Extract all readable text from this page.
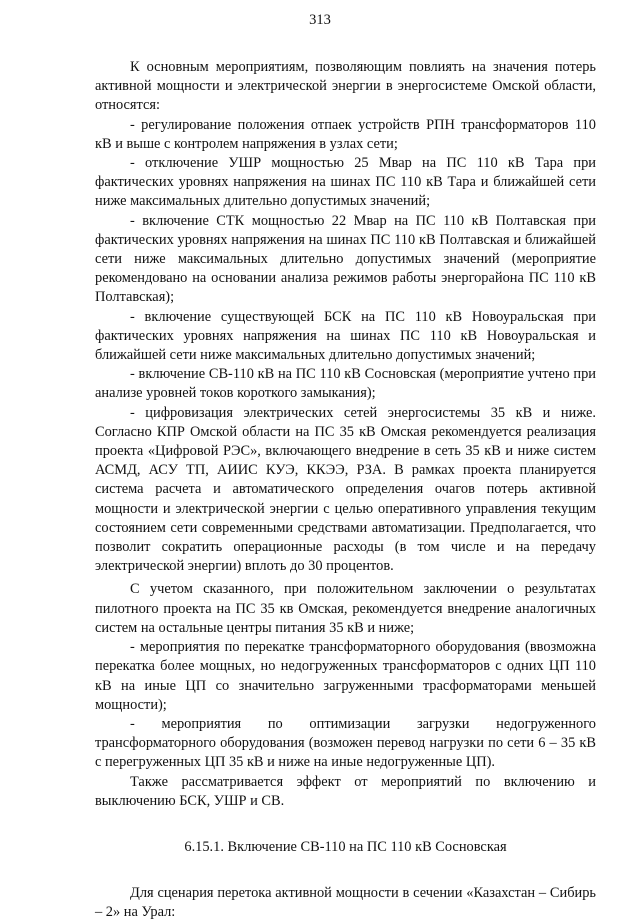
313

К основным мероприятиям, позволяющим повлиять на значения потерь активной мощности и электрической энергии в энергосистеме Омской области, относятся:

- регулирование положения отпаек устройств РПН трансформаторов 110 кВ и выше с контролем напряжения в узлах сети;

- отключение УШР мощностью 25 Мвар на ПС 110 кВ Тара при фактических уровнях напряжения на шинах ПС 110 кВ Тара и ближайшей сети ниже максимальных длительно допустимых значений;

- включение СТК мощностью 22 Мвар на ПС 110 кВ Полтавская при фактических уровнях напряжения на шинах ПС 110 кВ Полтавская и ближайшей сети ниже максимальных длительно допустимых значений (мероприятие рекомендовано на основании анализа режимов работы энергорайона ПС 110 кВ Полтавская);

- включение существующей БСК на ПС 110 кВ Новоуральская при фактических уровнях напряжения на шинах ПС 110 кВ Новоуральская и ближайшей сети ниже максимальных длительно допустимых значений;

- включение СВ-110 кВ на ПС 110 кВ Сосновская (мероприятие учтено при анализе уровней токов короткого замыкания);

- цифровизация электрических сетей энергосистемы 35 кВ и ниже. Согласно КПР Омской области на ПС 35 кВ Омская рекомендуется реализация проекта «Цифровой РЭС», включающего внедрение в сеть 35 кВ и ниже систем АСМД, АСУ ТП, АИИС КУЭ, ККЭЭ, РЗА. В рамках проекта планируется система расчета и автоматического определения очагов потерь активной мощности и электрической энергии с целью оперативного управления текущим состоянием сети современными средствами автоматизации. Предполагается, что позволит сократить операционные расходы (в том числе и на передачу электрической энергии) вплоть до 30 процентов.

С учетом сказанного, при положительном заключении о результатах пилотного проекта на ПС 35 кв Омская, рекомендуется внедрение аналогичных систем на остальные центры питания 35 кВ и ниже;

- мероприятия по перекатке трансформаторного оборудования (ввозможна перекатка более мощных, но недогруженных трансформаторов с одних ЦП 110 кВ на иные ЦП со значительно загруженными трасформаторами меньшей мощности);

- мероприятия по оптимизации загрузки недогруженного трансформаторного оборудования (возможен перевод нагрузки по сети 6 – 35 кВ с перегруженных ЦП 35 кВ и ниже на иные недогруженные ЦП).

Также рассматривается эффект от мероприятий по включению и выключению БСК, УШР и СВ.

6.15.1. Включение СВ-110 на ПС 110 кВ Сосновская

Для сценария перетока активной мощности в сечении «Казахстан – Сибирь – 2» на Урал:
